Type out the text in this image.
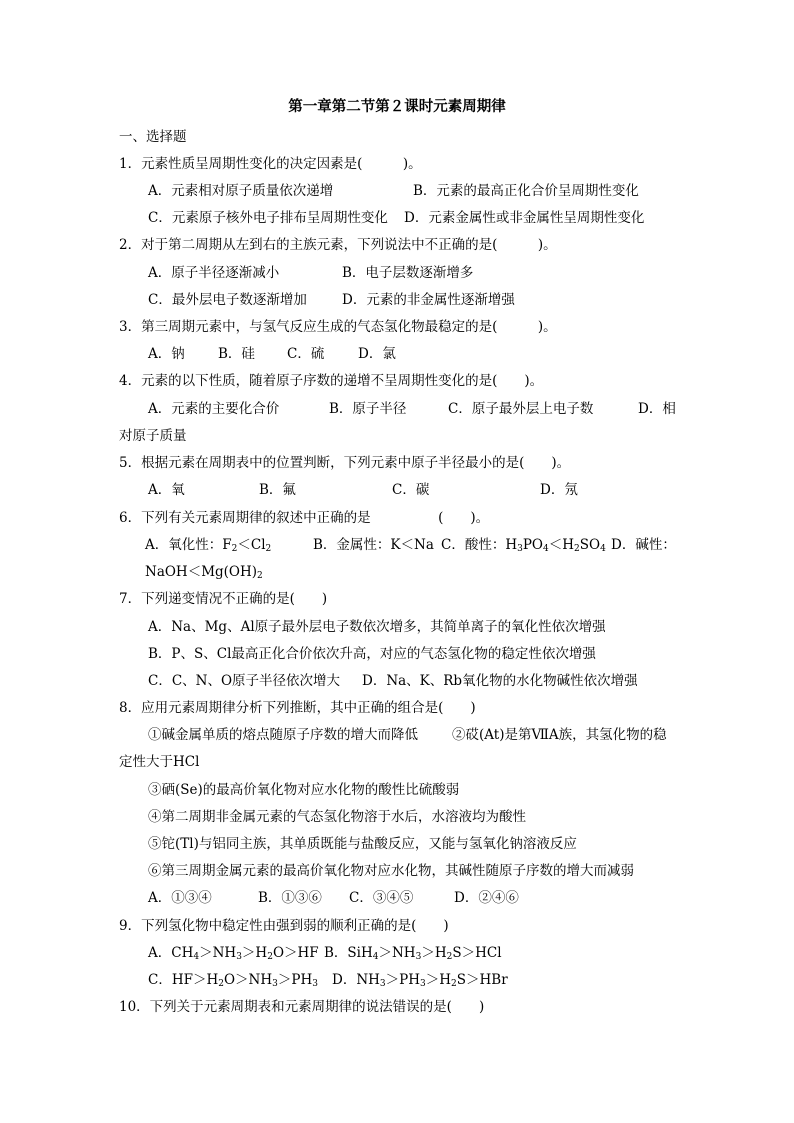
第一章第二节第２课时元素周期律
一、选择题
1．元素性质呈周期性变化的决定因素是(　　　)。
A．元素相对原子质量依次递增	B．元素的最高正化合价呈周期性变化
C．元素原子核外电子排布呈周期性变化 D．元素金属性或非金属性呈周期性变化
2．对于第二周期从左到右的主族元素，下列说法中不正确的是(　　　)。
A．原子半径逐渐减小	B．电子层数逐渐增多
C．最外层电子数逐渐增加	D．元素的非金属性逐渐增强
3．第三周期元素中，与氢气反应生成的气态氢化物最稳定的是(　　　)。
A．钠 B．硅 C．硫 D．氯
4．元素的以下性质，随着原子序数的递增不呈周期性变化的是(　　)。
A．元素的主要化合价	B．原子半径	C．原子最外层上电子数	D．相
对原子质量
5．根据元素在周期表中的位置判断，下列元素中原子半径最小的是(　　)。
A．氧	B．氟	C．碳	D．氖
6．下列有关元素周期律的叙述中正确的是　　　　　(　　)。
A．氧化性：$F_2<Cl_2$	B．金属性：K＜Na C．酸性：$H_3PO_4<H_2SO_4$ D．碱性：
$NaOH<Mg(OH)_2$
7．下列递变情况不正确的是(　　)
A．Na、Mg、Al原子最外层电子数依次增多，其简单离子的氧化性依次增强
B．P、S、Cl最高正化合价依次升高，对应的气态氢化物的稳定性依次增强
C．C、N、O原子半径依次增大 D．Na、K、Rb氧化物的水化物碱性依次增强
8．应用元素周期律分析下列推断，其中正确的组合是(　　)
①碱金属单质的熔点随原子序数的增大而降低	②砹(At)是第ⅦA族，其氢化物的稳
定性大于HCl
③硒(Se)的最高价氧化物对应水化物的酸性比硫酸弱
④第二周期非金属元素的气态氢化物溶于水后，水溶液均为酸性
⑤铊(Tl)与铝同主族，其单质既能与盐酸反应，又能与氢氧化钠溶液反应
⑥第三周期金属元素的最高价氧化物对应水化物，其碱性随原子序数的增大而减弱
A．①③④	B．①③⑥ C．③④⑤	D．②④⑥
9．下列氢化物中稳定性由强到弱的顺利正确的是(　　)
A．$CH_4>NH_3>H_2O>HF$ B．$SiH_4>NH_3>H_2S>HCl$
C．$HF>H_2O>NH_3>PH_3$ D．$NH_3>PH_3>H_2S>HBr$
10．下列关于元素周期表和元素周期律的说法错误的是(　　)
